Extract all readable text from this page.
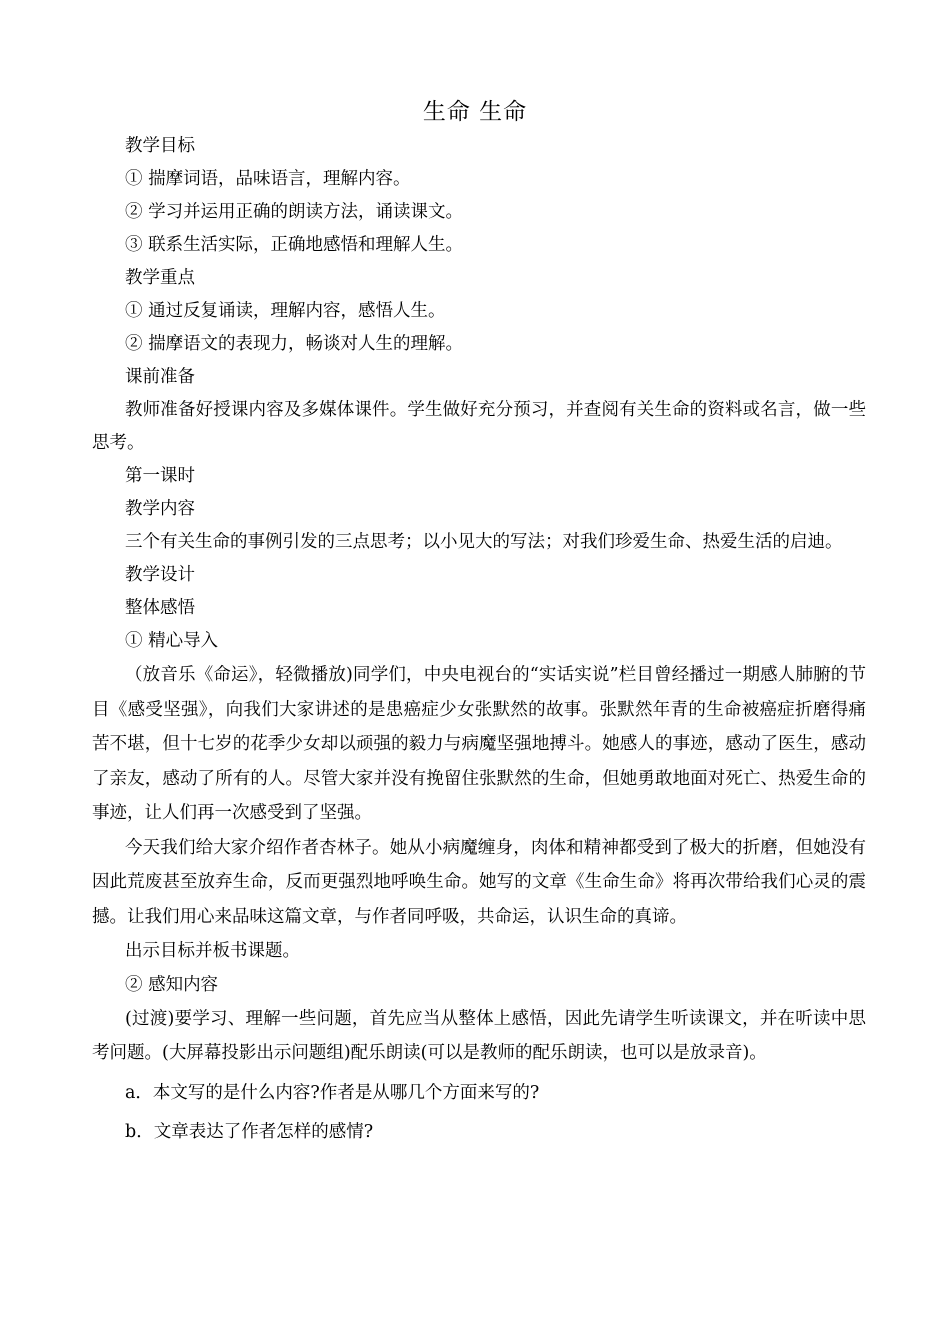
生命 生命

教学目标

① 揣摩词语，品味语言，理解内容。

② 学习并运用正确的朗读方法，诵读课文。

③ 联系生活实际，正确地感悟和理解人生。

教学重点

① 通过反复诵读，理解内容，感悟人生。

② 揣摩语文的表现力，畅谈对人生的理解。

课前准备

教师准备好授课内容及多媒体课件。学生做好充分预习，并查阅有关生命的资料或名言，做一些思考。

第一课时

教学内容

三个有关生命的事例引发的三点思考；以小见大的写法；对我们珍爱生命、热爱生活的启迪。

教学设计

整体感悟

① 精心导入

（放音乐《命运》，轻微播放)同学们，中央电视台的“实话实说”栏目曾经播过一期感人肺腑的节目《感受坚强》，向我们大家讲述的是患癌症少女张默然的故事。张默然年青的生命被癌症折磨得痛苦不堪，但十七岁的花季少女却以顽强的毅力与病魔坚强地搏斗。她感人的事迹，感动了医生，感动了亲友，感动了所有的人。尽管大家并没有挽留住张默然的生命，但她勇敢地面对死亡、热爱生命的事迹，让人们再一次感受到了坚强。

今天我们给大家介绍作者杏林子。她从小病魔缠身，肉体和精神都受到了极大的折磨，但她没有因此荒废甚至放弃生命，反而更强烈地呼唤生命。她写的文章《生命生命》将再次带给我们心灵的震撼。让我们用心来品味这篇文章，与作者同呼吸，共命运，认识生命的真谛。

出示目标并板书课题。

② 感知内容

(过渡)要学习、理解一些问题，首先应当从整体上感悟，因此先请学生听读课文，并在听读中思考问题。(大屏幕投影出示问题组)配乐朗读(可以是教师的配乐朗读，也可以是放录音)。

a．本文写的是什么内容?作者是从哪几个方面来写的?

b．文章表达了作者怎样的感情?
